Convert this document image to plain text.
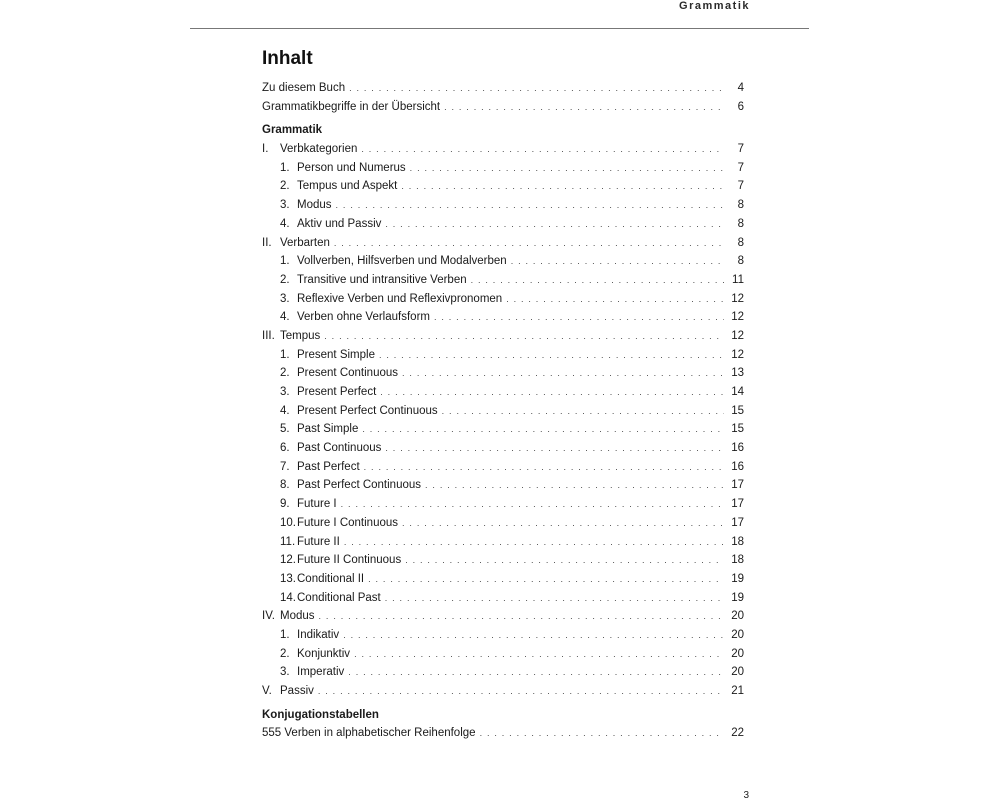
Grammatik
Inhalt
Zu diesem Buch . . .	4
Grammatikbegriffe in der Übersicht . . .	6
Grammatik
I.	Verbkategorien . . .	7
1. Person und Numerus . . .	7
2. Tempus und Aspekt . . .	7
3. Modus . . .	8
4. Aktiv und Passiv . . .	8
II. Verbarten . . .	8
1. Vollverben, Hilfsverben und Modalverben . . .	8
2. Transitive und intransitive Verben . . .	11
3. Reflexive Verben und Reflexivpronomen . . .	12
4. Verben ohne Verlaufsform . . .	12
III. Tempus . . .	12
1. Present Simple . . .	12
2. Present Continuous . . .	13
3. Present Perfect . . .	14
4. Present Perfect Continuous . . .	15
5. Past Simple . . .	15
6. Past Continuous . . .	16
7. Past Perfect . . .	16
8. Past Perfect Continuous . . .	17
9. Future I . . .	17
10. Future I Continuous . . .	17
11. Future II . . .	18
12. Future II Continuous . . .	18
13. Conditional II . . .	19
14. Conditional Past . . .	19
IV. Modus . . .	20
1. Indikativ . . .	20
2. Konjunktiv . . .	20
3. Imperativ . . .	20
V. Passiv . . .	21
Konjugationstabellen
555 Verben in alphabetischer Reihenfolge . . .	22
3
